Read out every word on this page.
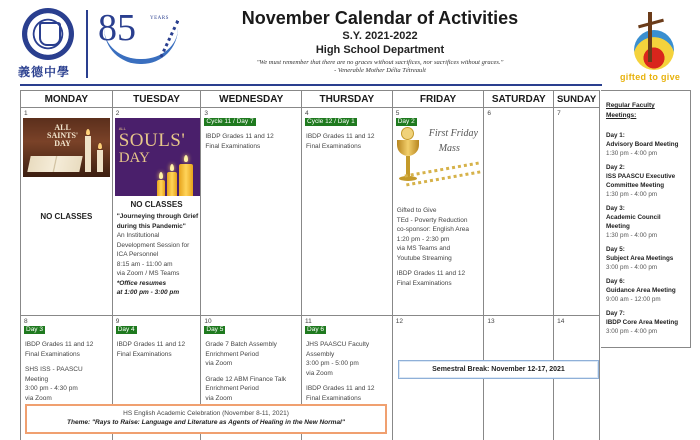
義德中學
85	YEARS	November Calendar of Activities
S.Y. 2021-2022
High School Department
"We must remember that there are no graces without sacrifices, nor sacrifices without graces."
- Venerable Mother Délia Tétreault
gifted to give
MONDAY	TUESDAY	WEDNESDAY	THURSDAY	FRIDAY	SATURDAY	SUNDAY
1
ALL
SAINTS'
DAY
NO CLASSES
2
ALL
SOULS'
DAY
NO CLASSES
"Journeying through Grief during this Pandemic"
An Institutional
Development Session for
ICA Personnel
8:15 am - 11:00 am
via Zoom / MS Teams
*Office resumes
at 1:00 pm - 3:00 pm
3
Cycle 11 / Day 7
IBDP Grades 11 and 12
Final Examinations
4
Cycle 12 / Day 1
IBDP Grades 11 and 12
Final Examinations
5
Day 2
First Friday
Mass
Gifted to Give
TEd - Poverty Reduction
co-sponsor: English Area
1:20 pm - 2:30 pm
via MS Teams and
Youtube Streaming
IBDP Grades 11 and 12
Final Examinations
6	7
8
Day 3
IBDP Grades 11 and 12
Final Examinations
SHS ISS - PAASCU
Meeting
3:00 pm - 4:30 pm
via Zoom
9
Day 4
IBDP Grades 11 and 12
Final Examinations
10
Day 5
Grade 7 Batch Assembly
Enrichment Period
via Zoom
Grade 12 ABM Finance Talk
Enrichment Period
via Zoom
11
Day 6
JHS PAASCU Faculty
Assembly
3:00 pm - 5:00 pm
via Zoom
IBDP Grades 11 and 12
Final Examinations
12	13	14
Semestral Break: November 12-17, 2021
HS English Academic Celebration (November 8-11, 2021)
Theme: "Rays to Raise: Language and Literature as Agents of Healing in the New Normal"
Regular Faculty
Meetings:
Day 1:
Advisory Board Meeting
1:30 pm - 4:00 pm
Day 2:
ISS PAASCU Executive
Committee Meeting
1:30 pm - 4:00 pm
Day 3:
Academic Council
Meeting
1:30 pm - 4:00 pm
Day 5:
Subject Area Meetings
3:00 pm - 4:00 pm
Day 6:
Guidance Area Meeting
9:00 am - 12:00 pm
Day 7:
IBDP Core Area Meeting
3:00 pm - 4:00 pm
